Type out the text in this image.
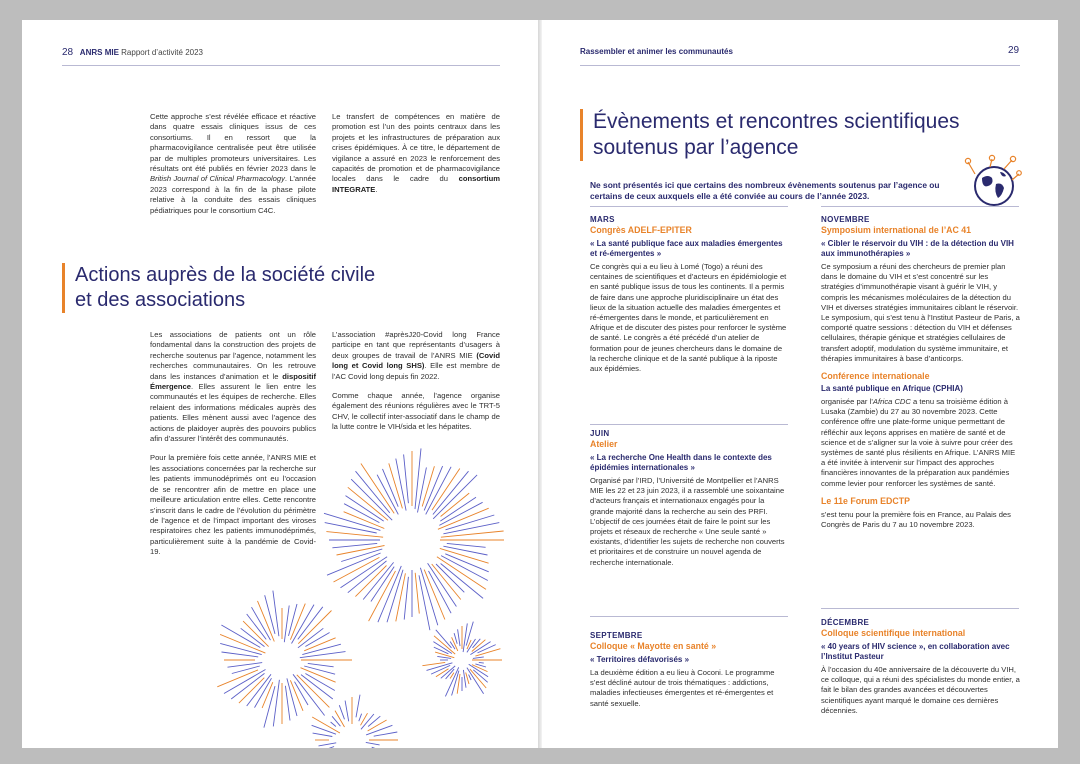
28 ANRS MIE Rapport d’activité 2023

Cette approche s’est révélée efficace et réactive dans quatre essais cliniques issus de ces consortiums. Il en ressort que la pharmacovigilance centralisée peut être utilisée par de multiples promoteurs universitaires. Les résultats ont été publiés en février 2023 dans le British Journal of Clinical Pharmacology. L’année 2023 correspond à la fin de la phase pilote relative à la conduite des essais cliniques pédiatriques pour le consortium C4C.

Le transfert de compétences en matière de promotion est l’un des points centraux dans les projets et les infrastructures de préparation aux crises épidémiques. À ce titre, le département de vigilance a assuré en 2023 le renforcement des capacités de promotion et de pharmacovigilance locales dans le cadre du consortium INTEGRATE.

Actions auprès de la société civile
et des associations

Les associations de patients ont un rôle fondamental dans la construction des projets de recherche soutenus par l’agence, notamment les recherches communautaires. On les retrouve dans les instances d’animation et le dispositif Émergence. Elles assurent le lien entre les communautés et les équipes de recherche. Elles relaient des informations médicales auprès des patients. Elles mènent aussi avec l’agence des actions de plaidoyer auprès des pouvoirs publics afin d’assurer l’intérêt des communautés.

Pour la première fois cette année, l’ANRS MIE et les associations concernées par la recherche sur les patients immunodéprimés ont eu l’occasion de se rencontrer afin de mettre en place une meilleure articulation entre elles. Cette rencontre s’inscrit dans le cadre de l’évolution du périmètre de l’agence et de l’impact important des viroses respiratoires chez les patients immunodéprimés, particulièrement suite à la pandémie de Covid-19.

L’association #aprèsJ20-Covid long France participe en tant que représentants d’usagers à deux groupes de travail de l’ANRS MIE (Covid long et Covid long SHS). Elle est membre de l’AC Covid long depuis fin 2022.

Comme chaque année, l’agence organise également des réunions régulières avec le TRT-5 CHV, le collectif inter-associatif dans le champ de la lutte contre le VIH/sida et les hépatites.

Rassembler et animer les communautés	29
Évènements et rencontres scientifiques
soutenus par l’agence
Ne sont présentés ici que certains des nombreux évènements soutenus par l’agence ou certains de ceux auxquels elle a été conviée au cours de l’année 2023.
MARS
Congrès ADELF-EPITER
« La santé publique face aux maladies émergentes et ré-émergentes »
Ce congrès qui a eu lieu à Lomé (Togo) a réuni des centaines de scientifiques et d’acteurs en épidémiologie et en santé publique issus de tous les continents. Il a permis de faire dans une approche pluridisciplinaire un état des lieux de la situation actuelle des maladies émergentes et ré-émergentes dans le monde, et particulièrement en Afrique et de discuter des pistes pour renforcer le système de santé. Le congrès a été précédé d’un atelier de formation pour de jeunes chercheurs dans le domaine de la recherche clinique et de la santé publique à la riposte aux épidémies.
JUIN
Atelier
« La recherche One Health dans le contexte des épidémies internationales »
Organisé par l’IRD, l’Université de Montpellier et l’ANRS MIE les 22 et 23 juin 2023, il a rassemblé une soixantaine d’acteurs français et internationaux engagés pour la grande majorité dans la recherche au sein des PRFI. L’objectif de ces journées était de faire le point sur les projets et réseaux de recherche « Une seule santé » existants, d’identifier les sujets de recherche non couverts et prioritaires et de construire un nouvel agenda de recherche internationale.
SEPTEMBRE
Colloque « Mayotte en santé »
« Territoires défavorisés »
La deuxième édition a eu lieu à Coconi. Le programme s’est décliné autour de trois thématiques : addictions, maladies infectieuses émergentes et ré-émergentes et santé sexuelle.
NOVEMBRE
Symposium international de l’AC 41
« Cibler le réservoir du VIH : de la détection du VIH aux immunothérapies »
Ce symposium a réuni des chercheurs de premier plan dans le domaine du VIH et s’est concentré sur les stratégies d’immunothérapie visant à guérir le VIH, y compris les mécanismes moléculaires de la détection du VIH et diverses stratégies immunitaires ciblant le réservoir.
Le symposium, qui s’est tenu à l’Institut Pasteur de Paris, a comporté quatre sessions : détection du VIH et défenses cellulaires, thérapie génique et stratégies cellulaires de transfert adoptif, modulation du système immunitaire, et thérapies immunitaires à base d’anticorps.
Conférence internationale
La santé publique en Afrique (CPHIA)
organisée par l’Africa CDC a tenu sa troisième édition à Lusaka (Zambie) du 27 au 30 novembre 2023. Cette conférence offre une plate-forme unique permettant de réfléchir aux leçons apprises en matière de santé et de science et de s’aligner sur la voie à suivre pour créer des systèmes de santé plus résilients en Afrique. L’ANRS MIE a été invitée à intervenir sur l’impact des approches financières innovantes de la préparation aux pandémies comme levier pour renforcer les systèmes de santé.
Le 11e Forum EDCTP
s’est tenu pour la première fois en France, au Palais des Congrès de Paris du 7 au 10 novembre 2023.
DÉCEMBRE
Colloque scientifique international
« 40 years of HIV science », en collaboration avec l’Institut Pasteur
À l’occasion du 40e anniversaire de la découverte du VIH, ce colloque, qui a réuni des spécialistes du monde entier, a fait le bilan des grandes avancées et découvertes scientifiques ayant marqué le domaine ces dernières décennies.
